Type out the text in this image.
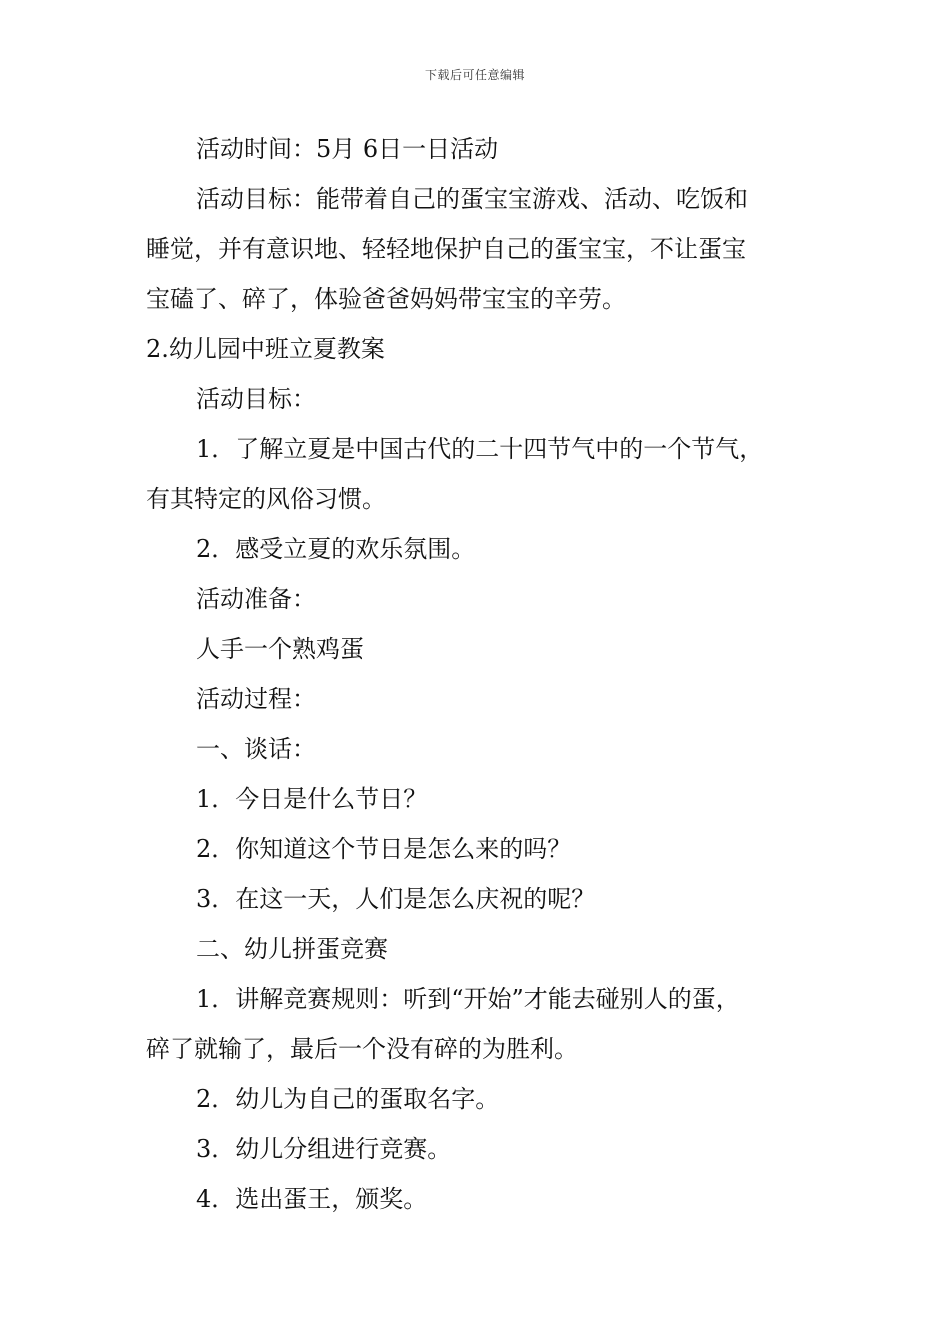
下载后可任意编辑

活动时间：5月 6日一日活动

活动目标：能带着自己的蛋宝宝游戏、活动、吃饭和
睡觉，并有意识地、轻轻地保护自己的蛋宝宝，不让蛋宝
宝磕了、碎了，体验爸爸妈妈带宝宝的辛劳。

2.幼儿园中班立夏教案

活动目标：

1．了解立夏是中国古代的二十四节气中的一个节气，
有其特定的风俗习惯。

2．感受立夏的欢乐氛围。

活动准备：

人手一个熟鸡蛋

活动过程：

一、谈话：

1．今日是什么节日？

2．你知道这个节日是怎么来的吗？

3．在这一天，人们是怎么庆祝的呢？

二、幼儿拼蛋竞赛

1．讲解竞赛规则：听到“开始”才能去碰别人的蛋，
碎了就输了，最后一个没有碎的为胜利。

2．幼儿为自己的蛋取名字。

3．幼儿分组进行竞赛。

4．选出蛋王，颁奖。
